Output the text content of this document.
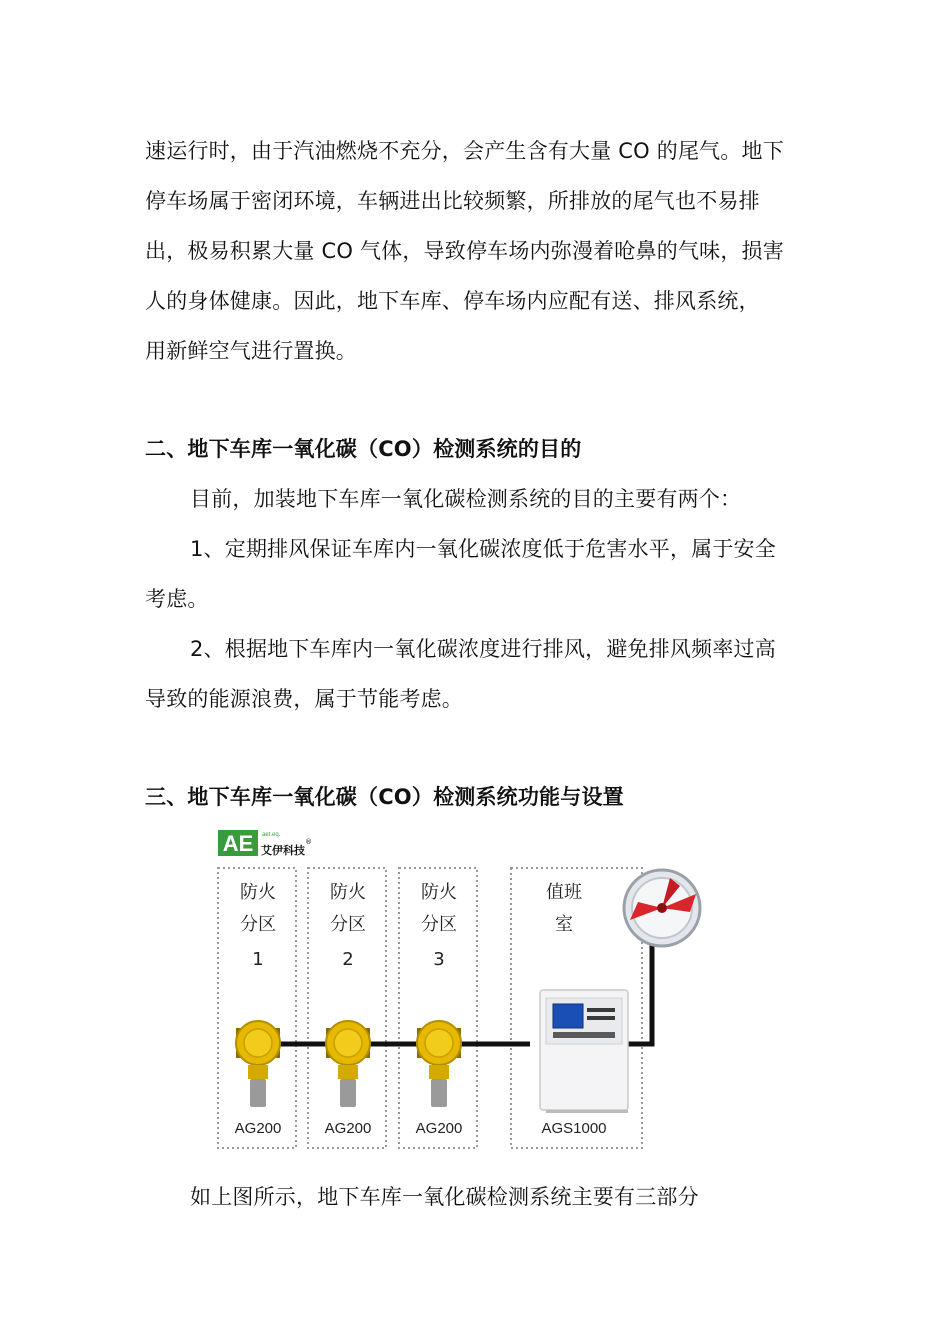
速运行时，由于汽油燃烧不充分，会产生含有大量 CO 的尾气。地下
停车场属于密闭环境，车辆进出比较频繁，所排放的尾气也不易排
出，极易积累大量 CO 气体，导致停车场内弥漫着呛鼻的气味，损害
人的身体健康。因此，地下车库、停车场内应配有送、排风系统，
用新鲜空气进行置换。
二、地下车库一氧化碳（CO）检测系统的目的
目前，加装地下车库一氧化碳检测系统的目的主要有两个：
1、定期排风保证车库内一氧化碳浓度低于危害水平，属于安全
考虑。
2、根据地下车库内一氧化碳浓度进行排风，避免排风频率过高
导致的能源浪费，属于节能考虑。
三、地下车库一氧化碳（CO）检测系统功能与设置
AE aet.eq.
艾伊科技
®
防火
分区
1
防火
分区
2
防火
分区
3
值班
室
AG200	AG200	AG200	AGS1000
如上图所示，地下车库一氧化碳检测系统主要有三部分
